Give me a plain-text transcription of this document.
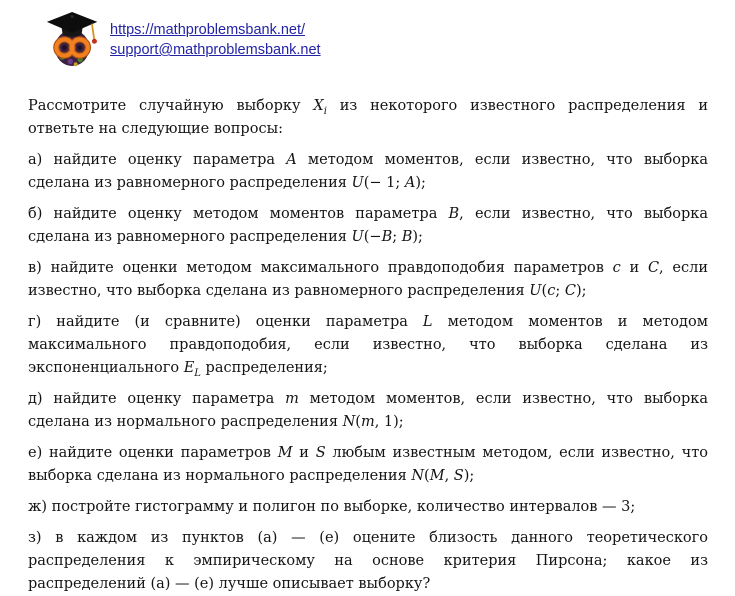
https://mathproblemsbank.net/
support@mathproblemsbank.net

Рассмотрите случайную выборку $X_i$ из некоторого известного распределения и ответьте на следующие вопросы:

а) найдите оценку параметра A методом моментов, если известно, что выборка сделана из равномерного распределения U(− 1; A);

б) найдите оценку методом моментов параметра B, если известно, что выборка сделана из равномерного распределения U(−B; B);

в) найдите оценки методом максимального правдоподобия параметров c и C, если известно, что выборка сделана из равномерного распределения U(c; C);

г) найдите (и сравните) оценки параметра L методом моментов и методом максимального правдоподобия, если известно, что выборка сделана из экспоненциального $E_L$ распределения;

д) найдите оценку параметра m методом моментов, если известно, что выборка сделана из нормального распределения N(m, 1);

е) найдите оценки параметров M и S любым известным методом, если известно, что выборка сделана из нормального распределения N(M, S);

ж) постройте гистограмму и полигон по выборке, количество интервалов — 3;

з) в каждом из пунктов (а) — (е) оцените близость данного теоретического распределения к эмпирическому на основе критерия Пирсона; какое из распределений (а) — (е) лучше описывает выборку?
